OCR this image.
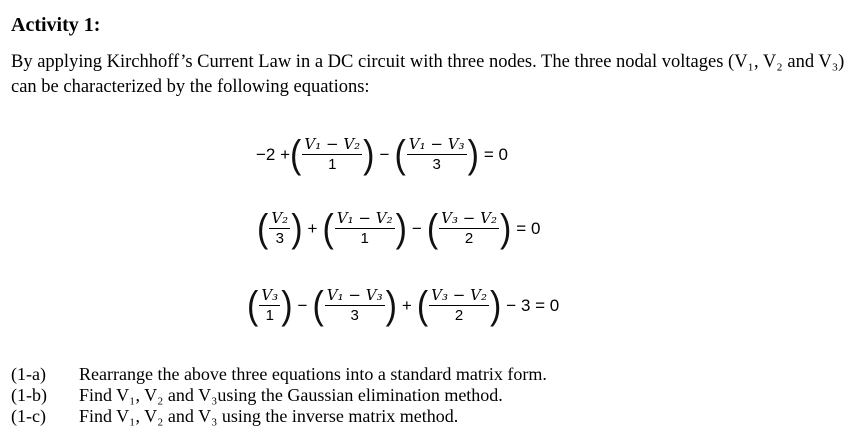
Activity 1:
By applying Kirchhoff’s Current Law in a DC circuit with three nodes. The three nodal voltages (V₁, V₂ and V₃) can be characterized by the following equations:
−2 + ( $\frac{\text{V₁ − V₂}}{1}$ ) − ( $\frac{\text{V₁ − V₃}}{3}$ ) = 0
( $\frac{\text{V₂}}{3}$ ) + ( $\frac{\text{V₁ − V₂}}{1}$ ) − ( $\frac{\text{V₃ − V₂}}{2}$ ) = 0
( $\frac{\text{V₃}}{1}$ ) − ( $\frac{\text{V₁ − V₃}}{3}$ ) + ( $\frac{\text{V₃ − V₂}}{2}$ ) − 3 = 0
(1-a)	Rearrange the above three equations into a standard matrix form.
(1-b)	Find V₁, V₂ and V₃using the Gaussian elimination method.
(1-c)	Find V₁, V₂ and V₃ using the inverse matrix method.
